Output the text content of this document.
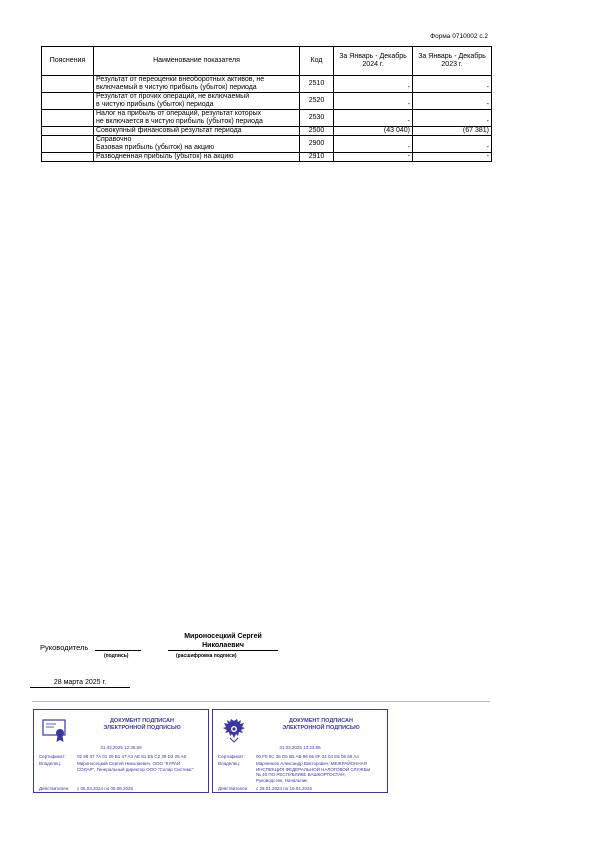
Форма 0710002 с.2
Пояснения	Наименование показателя	Код	За Январь - Декабрь
2024 г.	За Январь - Декабрь
2023 г.
	Результат от переоценки внеоборотных активов, не
включаемый в чистую прибыль (убыток) периода	2510	-	-
	Результат от прочих операций, не включаемый
в чистую прибыль (убыток) периода	2520	-	-
	Налог на прибыль от операций, результат которых
не включается в чистую прибыль (убыток) периода	2530	-	-
	Совокупный финансовый результат периода	2500	(43 040)	(67 381)
	Справочно
Базовая прибыль (убыток) на акцию	2900	-	-
	Разводненная прибыль (убыток) на акцию	2910	-	-
Руководитель
(подпись)
Мироносецкий Сергей
Николаевич
(расшифровка подписи)
28 марта 2025 г.
ДОКУМЕНТ ПОДПИСАН
ЭЛЕКТРОННОЙ ПОДПИСЬЮ
31.03.2025 12:35:59
Сертификат:	02 96 37 7A 01 29 B1 47 A3 AE 81 E5 C2 39 D2 25 A6
Владелец:	Мироносецкий Сергей Николаевич, ООО "КУРАЙ
СОЛАР", Генеральный директор ООО "Солар Системс"
Действителен:	с 05.03.2024 по 05.06.2025
ДОКУМЕНТ ПОДПИСАН
ЭЛЕКТРОННОЙ ПОДПИСЬЮ
31.03.2025 13:23:55
Сертификат:	00 F0 0C 36 D6 B5 AB 96 65 6F 34 04 E5 06 68 A4
Владелец:	Марченков Александр Викторович, МЕЖРАЙОННАЯ
ИНСПЕКЦИЯ ФЕДЕРАЛЬНОЙ НАЛОГОВОЙ СЛУЖБЫ
№ 40 ПО РЕСПУБЛИКЕ БАШКОРТОСТАН,
Руководство, Начальник
Действителен:	с 25.01.2024 по 19.04.2025
